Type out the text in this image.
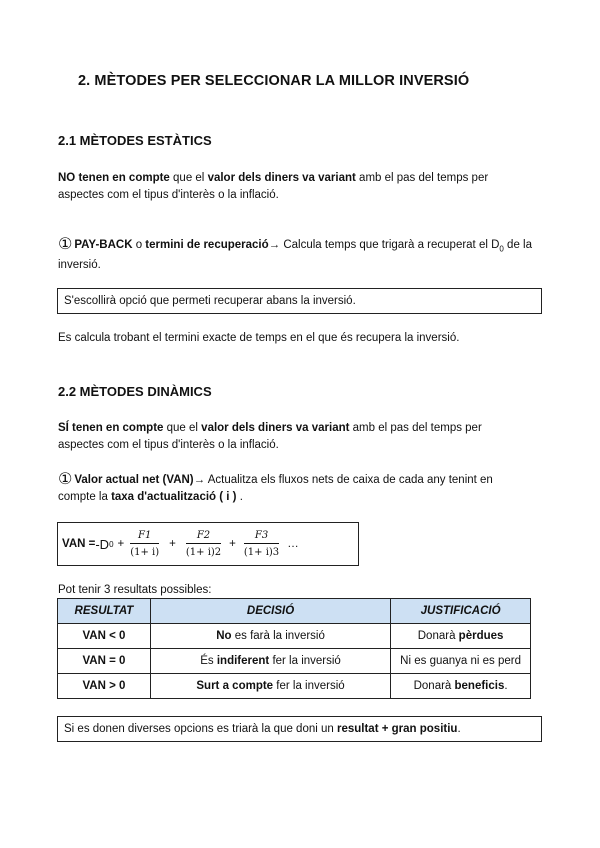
2. MÈTODES PER SELECCIONAR LA MILLOR INVERSIÓ
2.1 MÈTODES ESTÀTICS
NO tenen en compte que el valor dels diners va variant amb el pas del temps per aspectes com el tipus d'interès o la inflació.
① PAY-BACK o termini de recuperació→ Calcula temps que trigarà a recuperat el $D_0$ de la inversió.
S'escollirà opció que permeti recuperar abans la inversió.
Es calcula trobant el termini exacte de temps en el que és recupera la inversió.
2.2 MÈTODES DINÀMICS
SÍ tenen en compte que el valor dels diners va variant amb el pas del temps per aspectes com el tipus d'interès o la inflació.
① Valor actual net (VAN)→ Actualitza els fluxos nets de caixa de cada any tenint en compte la taxa d'actualització ( i ) .
VAN = -D $0 + \frac{F1}{(1+ i)} + \frac{F2}{(1+ i)2} + \frac{F3}{(1+ i)3}$ …
Pot tenir 3 resultats possibles:
RESULTAT	DECISIÓ	JUSTIFICACIÓ
VAN < 0	No es farà la inversió	Donarà pèrdues
VAN = 0	És indiferent fer la inversió	Ni es guanya ni es perd
VAN > 0	Surt a compte fer la inversió	Donarà beneficis.
Si es donen diverses opcions es triarà la que doni un resultat + gran positiu.
